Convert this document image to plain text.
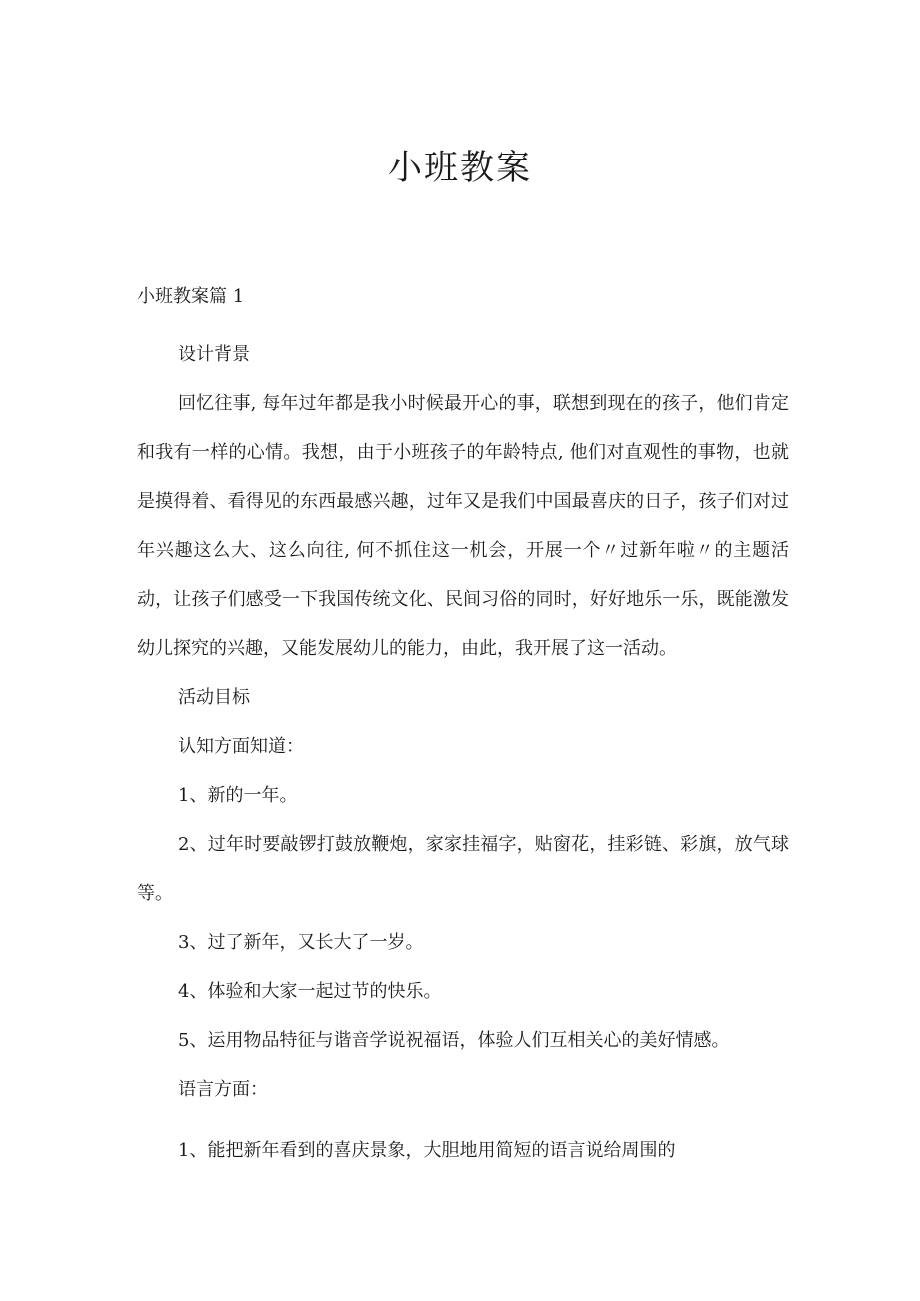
小班教案
小班教案篇 1

设计背景

回忆往事, 每年过年都是我小时候最开心的事，联想到现在的孩子，他们肯定和我有一样的心情。我想，由于小班孩子的年龄特点, 他们对直观性的事物，也就是摸得着、看得见的东西最感兴趣，过年又是我们中国最喜庆的日子，孩子们对过年兴趣这么大、这么向往, 何不抓住这一机会，开展一个〃过新年啦〃的主题活动，让孩子们感受一下我国传统文化、民间习俗的同时，好好地乐一乐，既能激发幼儿探究的兴趣，又能发展幼儿的能力，由此，我开展了这一活动。

活动目标

认知方面知道：

1、新的一年。

2、过年时要敲锣打鼓放鞭炮，家家挂福字，贴窗花，挂彩链、彩旗，放气球等。

3、过了新年，又长大了一岁。

4、体验和大家一起过节的快乐。

5、运用物品特征与谐音学说祝福语，体验人们互相关心的美好情感。

语言方面：

1、能把新年看到的喜庆景象，大胆地用简短的语言说给周围的
